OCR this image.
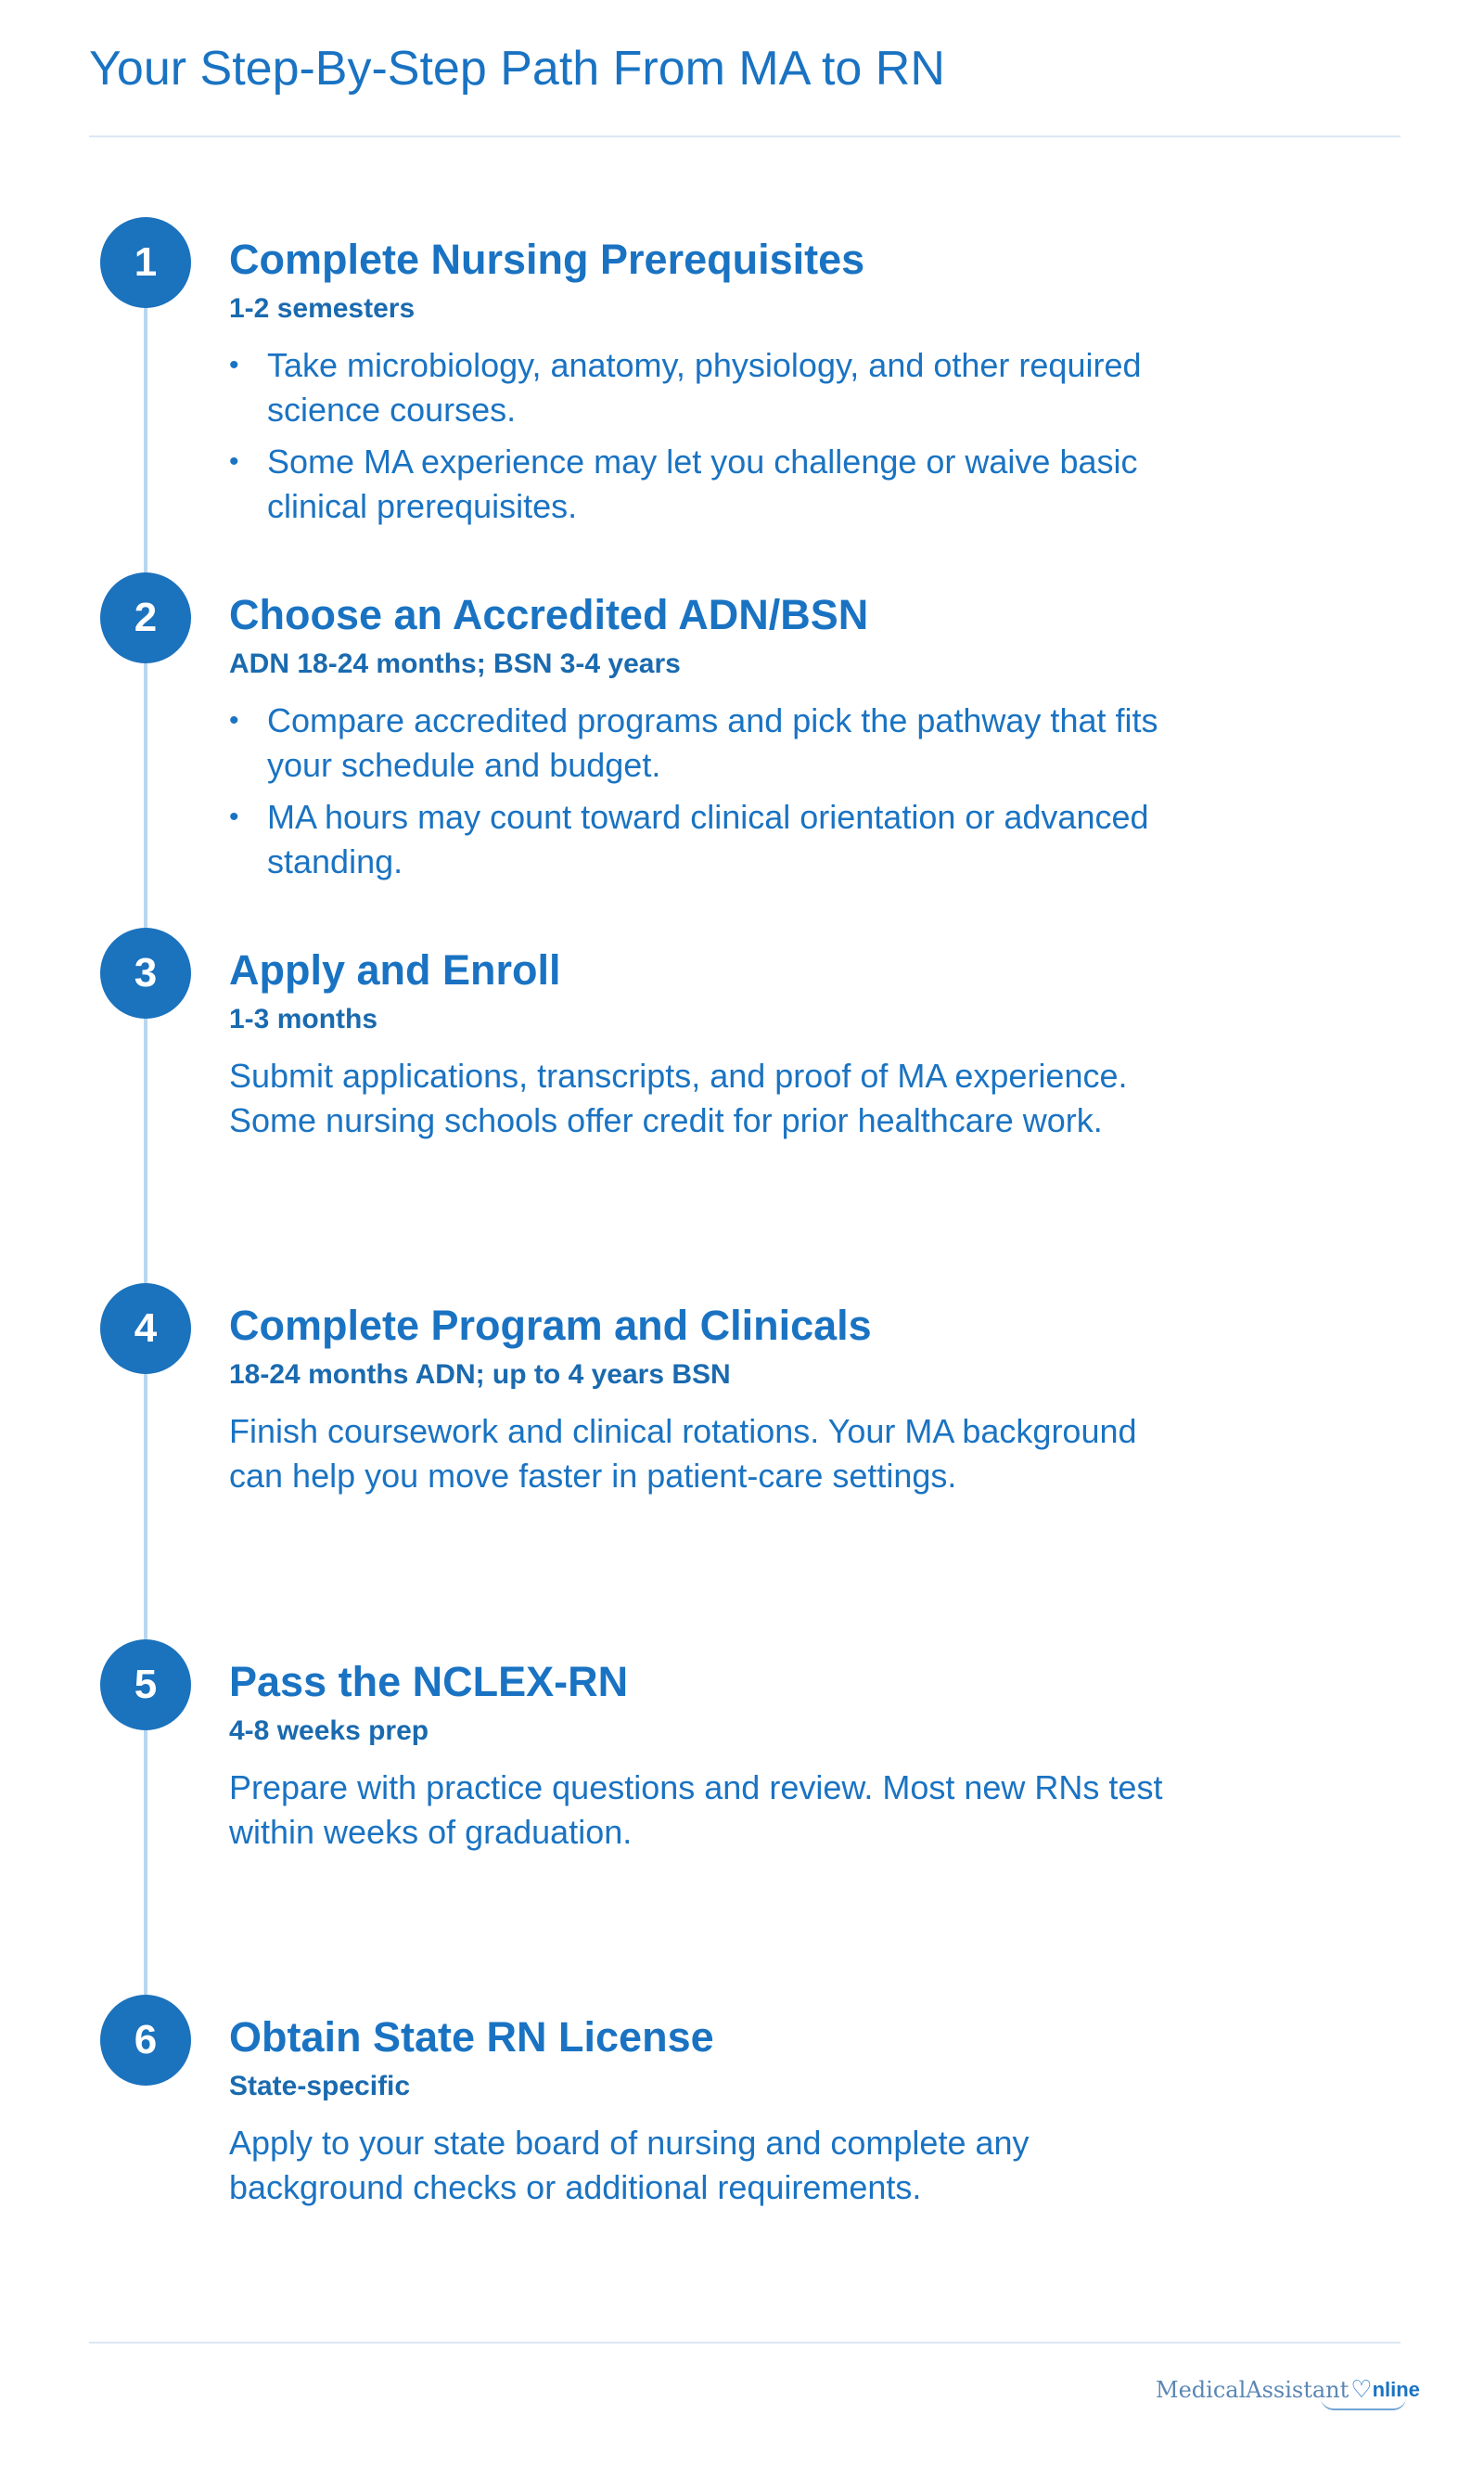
Your Step-By-Step Path From MA to RN
1	Complete Nursing Prerequisites
1-2 semesters
• Take microbiology, anatomy, physiology, and other required science courses.
• Some MA experience may let you challenge or waive basic clinical prerequisites.
2	Choose an Accredited ADN/BSN
ADN 18-24 months; BSN 3-4 years
• Compare accredited programs and pick the pathway that fits your schedule and budget.
• MA hours may count toward clinical orientation or advanced standing.
3	Apply and Enroll
1-3 months
Submit applications, transcripts, and proof of MA experience. Some nursing schools offer credit for prior healthcare work.
4	Complete Program and Clinicals
18-24 months ADN; up to 4 years BSN
Finish coursework and clinical rotations. Your MA background can help you move faster in patient-care settings.
5	Pass the NCLEX-RN
4-8 weeks prep
Prepare with practice questions and review. Most new RNs test within weeks of graduation.
6	Obtain State RN License
State-specific
Apply to your state board of nursing and complete any background checks or additional requirements.
MedicalAssistant ♡ nline
